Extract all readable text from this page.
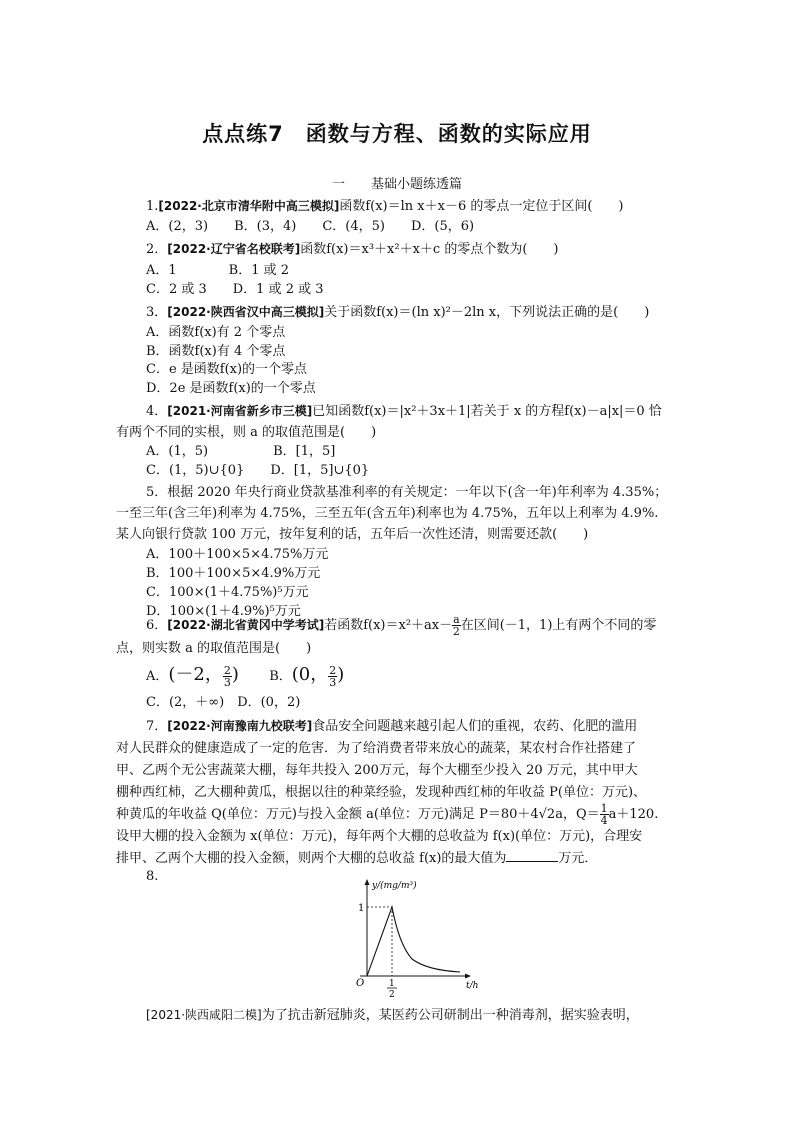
点点练7　函数与方程、函数的实际应用
一　　基础小题练透篇
1.[2022·北京市清华附中高三模拟]函数f(x)＝ln x＋x－6 的零点一定位于区间(　　)
A．(2，3)　　B．(3，4)　　C．(4，5)　　D．(5，6)
2．[2022·辽宁省名校联考]函数f(x)＝x³＋x²＋x＋c 的零点个数为(　　)
A．1　　　　B．1 或 2
C．2 或 3　　D．1 或 2 或 3
3．[2022·陕西省汉中高三模拟]关于函数f(x)＝(ln x)²－2ln x，下列说法正确的是(　　)
A．函数f(x)有 2 个零点
B．函数f(x)有 4 个零点
C．e 是函数f(x)的一个零点
D．2e 是函数f(x)的一个零点
4．[2021·河南省新乡市三模]已知函数f(x)＝|x²＋3x＋1|若关于 x 的方程f(x)－a|x|＝0 恰
有两个不同的实根，则 a 的取值范围是(　　)
A．(1，5)　　　　　B．[1，5]
C．(1，5)∪{0}　　D．[1，5]∪{0}
5．根据 2020 年央行商业贷款基准利率的有关规定：一年以下(含一年)年利率为 4.35%；
一至三年(含三年)利率为 4.75%，三至五年(含五年)利率也为 4.75%，五年以上利率为 4.9%.
某人向银行贷款 100 万元，按年复利的话，五年后一次性还清，则需要还款(　　)
A．100＋100×5×4.75%万元
B．100＋100×5×4.9%万元
C．100×(1＋4.75%)⁵万元
D．100×(1＋4.9%)⁵万元
6．[2022·湖北省黄冈中学考试]若函数$f(x)=x^2+ax- \frac{a}{2}$ 在区间(－1，1)上有两个不同的零
点，则实数 a 的取值范围是(　　)
A．(－2， $\frac{2}{3}$ ) B．(0， $\frac{2}{3}$ )
C．(2，＋∞)　D．(0，2)
7．[2022·河南豫南九校联考]食品安全问题越来越引起人们的重视，农药、化肥的滥用
对人民群众的健康造成了一定的危害．为了给消费者带来放心的蔬菜，某农村合作社搭建了
甲、乙两个无公害蔬菜大棚，每年共投入 200万元，每个大棚至少投入 20 万元，其中甲大
棚种西红柿，乙大棚种黄瓜，根据以往的种菜经验，发现种西红柿的年收益 P(单位：万元)、
种黄瓜的年收益 Q(单位：万元)与投入金额 a(单位：万元)满足 P＝80＋4√2a，$Q= \frac{1}{4} a+120$.
设甲大棚的投入金额为 x(单位：万元)，每年两个大棚的总收益为 f(x)(单位：万元)，合理安
排甲、乙两个大棚的投入金额，则两个大棚的总收益 f(x)的最大值为	万元．
8.
y/(mg/m³)
t/h
O
1
1
2
[2021·陕西咸阳二模]为了抗击新冠肺炎，某医药公司研制出一种消毒剂，据实验表明，
